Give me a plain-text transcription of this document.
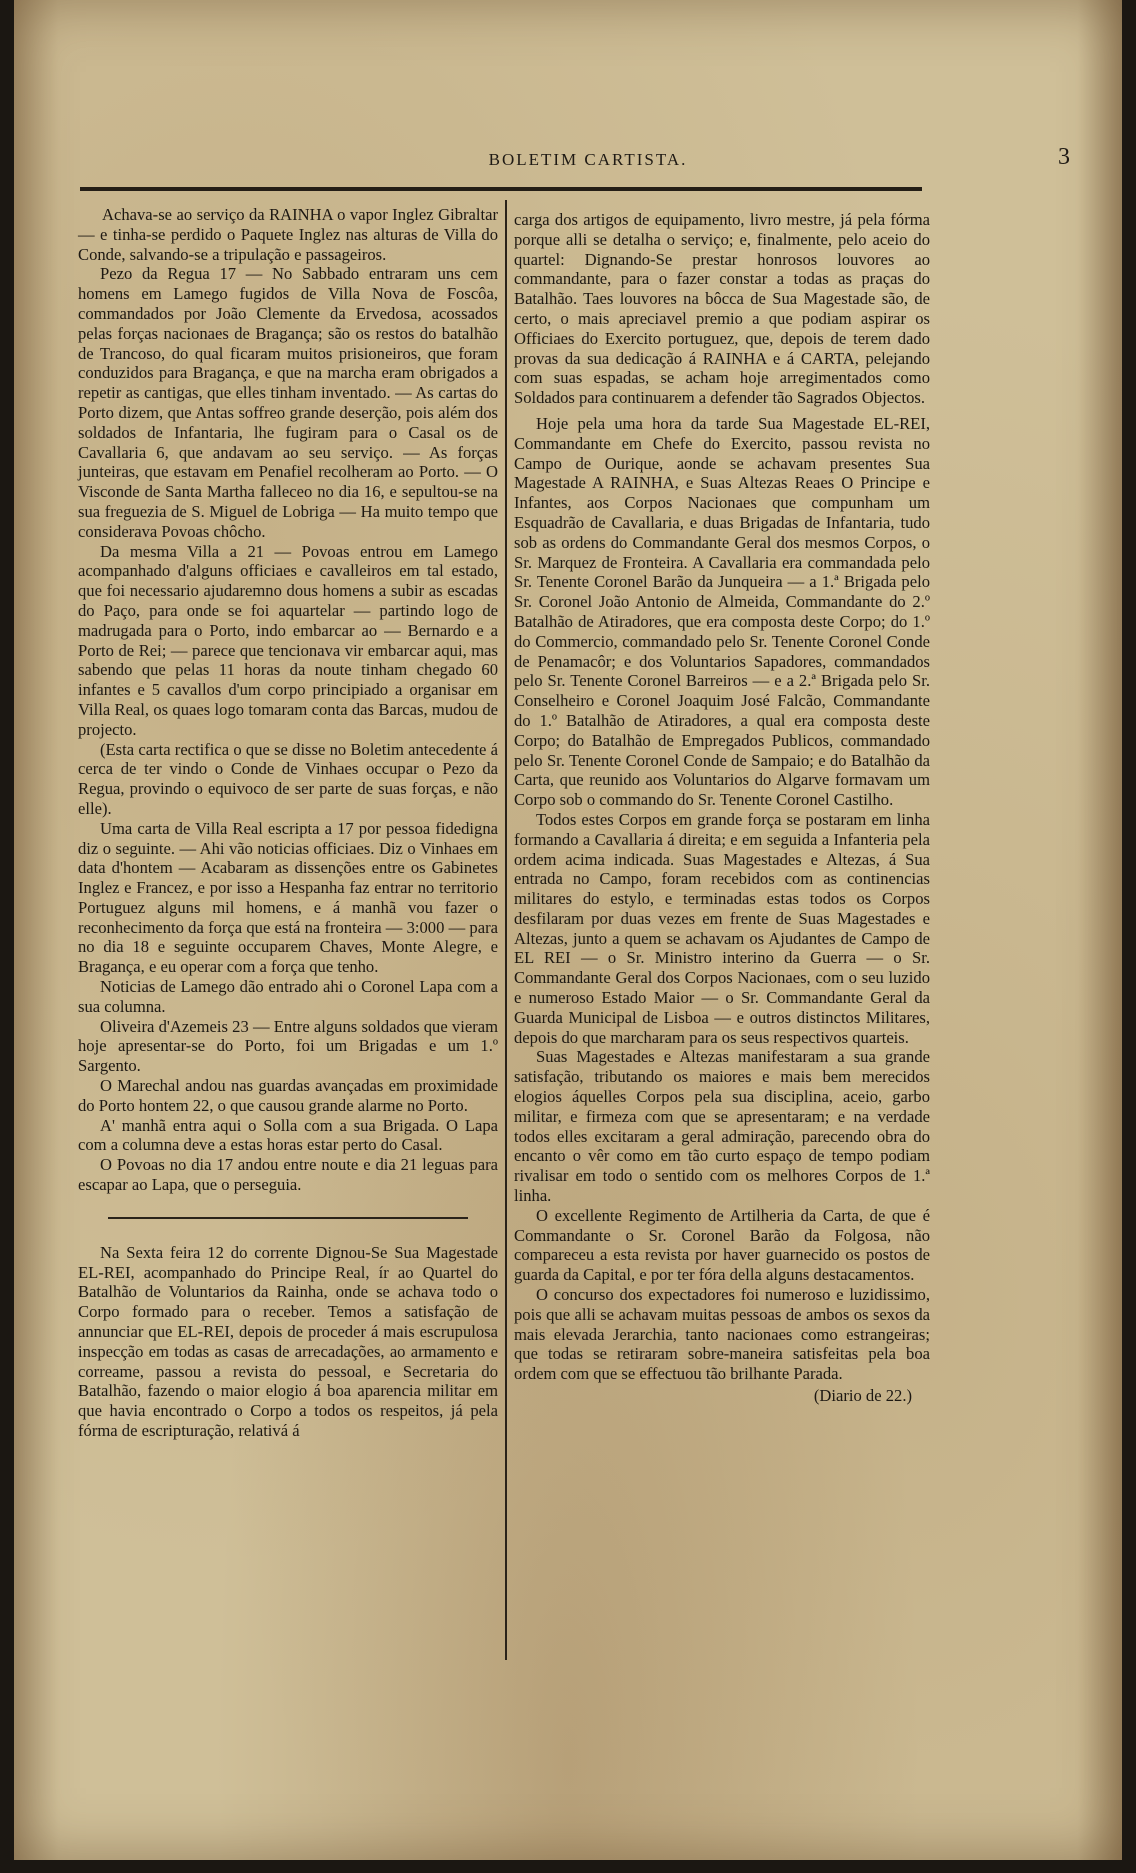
BOLETIM CARTISTA.	3

Achava-se ao serviço da RAINHA o vapor Inglez Gibraltar — e tinha-se perdido o Paquete Inglez nas alturas de Villa do Conde, salvando-se a tripulação e passageiros.

Pezo da Regua 17 — No Sabbado entraram uns cem homens em Lamego fugidos de Villa Nova de Foscôa, commandados por João Clemente da Ervedosa, acossados pelas forças nacionaes de Bragança; são os restos do batalhão de Trancoso, do qual ficaram muitos prisioneiros, que foram conduzidos para Bragança, e que na marcha eram obrigados a repetir as cantigas, que elles tinham inventado. — As cartas do Porto dizem, que Antas soffreo grande deserção, pois além dos soldados de Infantaria, lhe fugiram para o Casal os de Cavallaria 6, que andavam ao seu serviço. — As forças junteiras, que estavam em Penafiel recolheram ao Porto. — O Visconde de Santa Martha falleceo no dia 16, e sepultou-se na sua freguezia de S. Miguel de Lobriga — Ha muito tempo que considerava Povoas chôcho.

Da mesma Villa a 21 — Povoas entrou em Lamego acompanhado d'alguns officiaes e cavalleiros em tal estado, que foi necessario ajudaremno dous homens a subir as escadas do Paço, para onde se foi aquartelar — partindo logo de madrugada para o Porto, indo embarcar ao — Bernardo e a Porto de Rei; — parece que tencionava vir embarcar aqui, mas sabendo que pelas 11 horas da noute tinham chegado 60 infantes e 5 cavallos d'um corpo principiado a organisar em Villa Real, os quaes logo tomaram conta das Barcas, mudou de projecto.

(Esta carta rectifica o que se disse no Boletim antecedente á cerca de ter vindo o Conde de Vinhaes occupar o Pezo da Regua, provindo o equivoco de ser parte de suas forças, e não elle).

Uma carta de Villa Real escripta a 17 por pessoa fidedigna diz o seguinte. — Ahi vão noticias officiaes. Diz o Vinhaes em data d'hontem — Acabaram as dissenções entre os Gabinetes Inglez e Francez, e por isso a Hespanha faz entrar no territorio Portuguez alguns mil homens, e á manhã vou fazer o reconhecimento da força que está na fronteira — 3:000 — para no dia 18 e seguinte occuparem Chaves, Monte Alegre, e Bragança, e eu operar com a força que tenho.

Noticias de Lamego dão entrado ahi o Coronel Lapa com a sua columna.

Oliveira d'Azemeis 23 — Entre alguns soldados que vieram hoje apresentar-se do Porto, foi um Brigadas e um 1.º Sargento.

O Marechal andou nas guardas avançadas em proximidade do Porto hontem 22, o que causou grande alarme no Porto.

A' manhã entra aqui o Solla com a sua Brigada. O Lapa com a columna deve a estas horas estar perto do Casal.

O Povoas no dia 17 andou entre noute e dia 21 leguas para escapar ao Lapa, que o perseguia.

Na Sexta feira 12 do corrente Dignou-Se Sua Magestade EL-REI, acompanhado do Principe Real, ír ao Quartel do Batalhão de Voluntarios da Rainha, onde se achava todo o Corpo formado para o receber. Temos a satisfação de annunciar que EL-REI, depois de proceder á mais escrupulosa inspecção em todas as casas de arrecadações, ao armamento e correame, passou a revista do pessoal, e Secretaria do Batalhão, fazendo o maior elogio á boa aparencia militar em que havia encontrado o Corpo a todos os respeitos, já pela fórma de escripturação, relativá á

carga dos artigos de equipamento, livro mestre, já pela fórma porque alli se detalha o serviço; e, finalmente, pelo aceio do quartel: Dignando-Se prestar honrosos louvores ao commandante, para o fazer constar a todas as praças do Batalhão. Taes louvores na bôcca de Sua Magestade são, de certo, o mais apreciavel premio a que podiam aspirar os Officiaes do Exercito portuguez, que, depois de terem dado provas da sua dedicação á RAINHA e á CARTA, pelejando com suas espadas, se acham hoje arregimentados como Soldados para continuarem a defender tão Sagrados Objectos.

Hoje pela uma hora da tarde Sua Magestade EL-REI, Commandante em Chefe do Exercito, passou revista no Campo de Ourique, aonde se achavam presentes Sua Magestade A RAINHA, e Suas Altezas Reaes O Principe e Infantes, aos Corpos Nacionaes que compunham um Esquadrão de Cavallaria, e duas Brigadas de Infantaria, tudo sob as ordens do Commandante Geral dos mesmos Corpos, o Sr. Marquez de Fronteira. A Cavallaria era commandada pelo Sr. Tenente Coronel Barão da Junqueira — a 1.ª Brigada pelo Sr. Coronel João Antonio de Almeida, Commandante do 2.º Batalhão de Atiradores, que era composta deste Corpo; do 1.º do Commercio, commandado pelo Sr. Tenente Coronel Conde de Penamacôr; e dos Voluntarios Sapadores, commandados pelo Sr. Tenente Coronel Barreiros — e a 2.ª Brigada pelo Sr. Conselheiro e Coronel Joaquim José Falcão, Commandante do 1.º Batalhão de Atiradores, a qual era composta deste Corpo; do Batalhão de Empregados Publicos, commandado pelo Sr. Tenente Coronel Conde de Sampaio; e do Batalhão da Carta, que reunido aos Voluntarios do Algarve formavam um Corpo sob o commando do Sr. Tenente Coronel Castilho.

Todos estes Corpos em grande força se postaram em linha formando a Cavallaria á direita; e em seguida a Infanteria pela ordem acima indicada. Suas Magestades e Altezas, á Sua entrada no Campo, foram recebidos com as continencias militares do estylo, e terminadas estas todos os Corpos desfilaram por duas vezes em frente de Suas Magestades e Altezas, junto a quem se achavam os Ajudantes de Campo de EL REI — o Sr. Ministro interino da Guerra — o Sr. Commandante Geral dos Corpos Nacionaes, com o seu luzido e numeroso Estado Maior — o Sr. Commandante Geral da Guarda Municipal de Lisboa — e outros distinctos Militares, depois do que marcharam para os seus respectivos quarteis.

Suas Magestades e Altezas manifestaram a sua grande satisfação, tributando os maiores e mais bem merecidos elogios áquelles Corpos pela sua disciplina, aceio, garbo militar, e firmeza com que se apresentaram; e na verdade todos elles excitaram a geral admiração, parecendo obra do encanto o vêr como em tão curto espaço de tempo podiam rivalisar em todo o sentido com os melhores Corpos de 1.ª linha.

O excellente Regimento de Artilheria da Carta, de que é Commandante o Sr. Coronel Barão da Folgosa, não compareceu a esta revista por haver guarnecido os postos de guarda da Capital, e por ter fóra della alguns destacamentos.

O concurso dos expectadores foi numeroso e luzidissimo, pois que alli se achavam muitas pessoas de ambos os sexos da mais elevada Jerarchia, tanto nacionaes como estrangeiras; que todas se retiraram sobre-maneira satisfeitas pela boa ordem com que se effectuou tão brilhante Parada.

(Diario de 22.)
